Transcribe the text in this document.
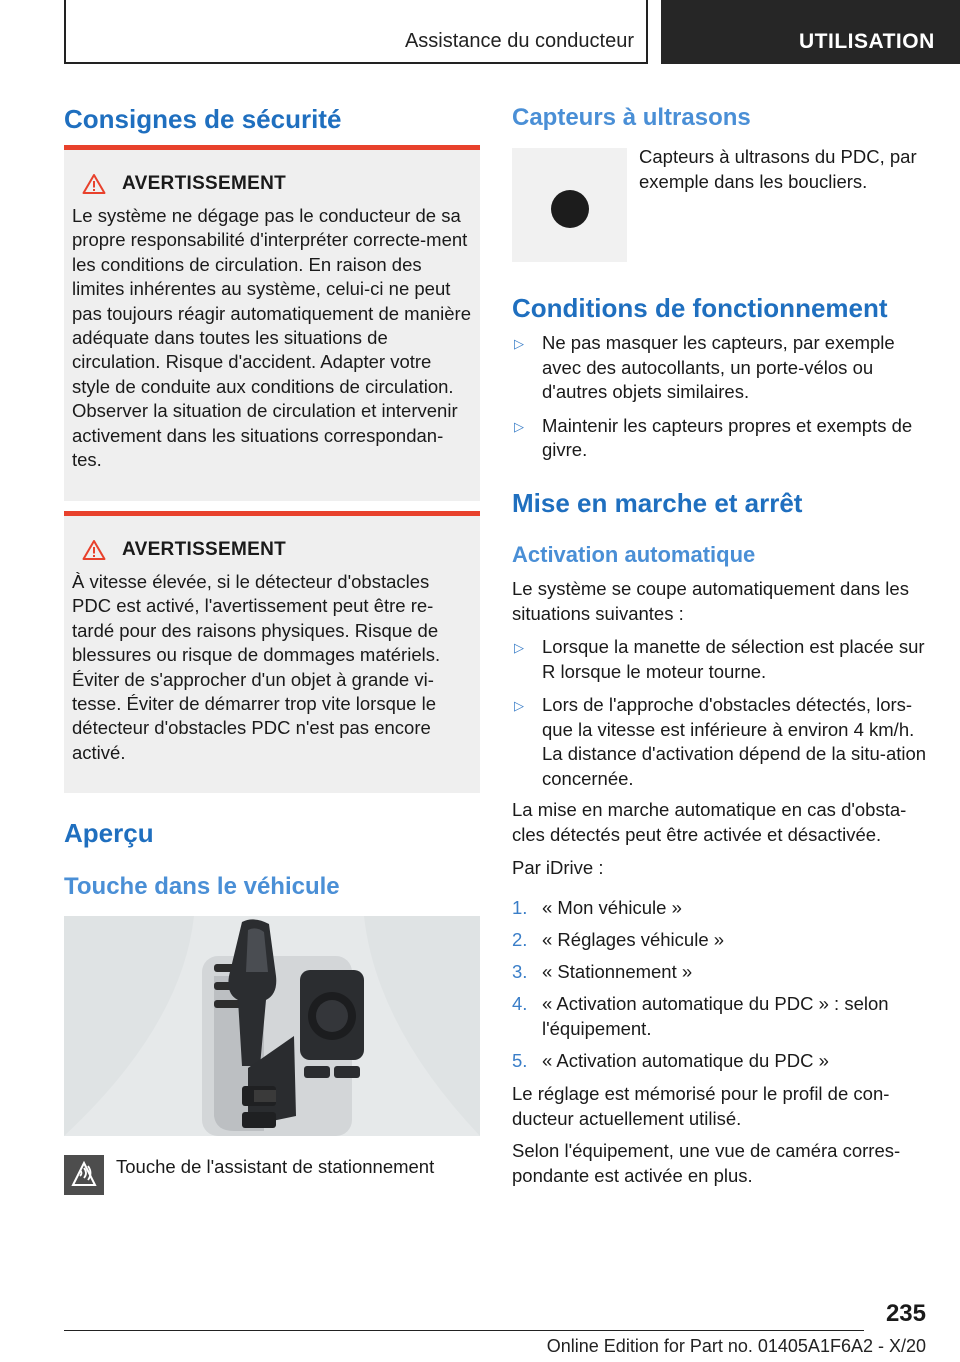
Assistance du conducteur	UTILISATION
Consignes de sécurité
AVERTISSEMENT
Le système ne dégage pas le conducteur de sa propre responsabilité d'interpréter correcte-ment les conditions de circulation. En raison des limites inhérentes au système, celui-ci ne peut pas toujours réagir automatiquement de manière adéquate dans toutes les situations de circulation. Risque d'accident. Adapter votre style de conduite aux conditions de circulation. Observer la situation de circulation et intervenir activement dans les situations correspondan-tes.
AVERTISSEMENT
À vitesse élevée, si le détecteur d'obstacles PDC est activé, l'avertissement peut être re-tardé pour des raisons physiques. Risque de blessures ou risque de dommages matériels. Éviter de s'approcher d'un objet à grande vi-tesse. Éviter de démarrer trop vite lorsque le détecteur d'obstacles PDC n'est pas encore activé.
Aperçu
Touche dans le véhicule
Touche de l'assistant de stationnement
Capteurs à ultrasons
Capteurs à ultrasons du PDC, par exemple dans les boucliers.
Conditions de fonctionnement
▷ Ne pas masquer les capteurs, par exemple avec des autocollants, un porte-vélos ou d'autres objets similaires.
▷ Maintenir les capteurs propres et exempts de givre.
Mise en marche et arrêt
Activation automatique
Le système se coupe automatiquement dans les situations suivantes :
▷ Lorsque la manette de sélection est placée sur R lorsque le moteur tourne.
▷ Lors de l'approche d'obstacles détectés, lors-que la vitesse est inférieure à environ 4 km/h. La distance d'activation dépend de la situ-ation concernée.
La mise en marche automatique en cas d'obsta-cles détectés peut être activée et désactivée.
Par iDrive :
1. « Mon véhicule »
2. « Réglages véhicule »
3. « Stationnement »
4. « Activation automatique du PDC » : selon l'équipement.
5. « Activation automatique du PDC »
Le réglage est mémorisé pour le profil de con-ducteur actuellement utilisé.
Selon l'équipement, une vue de caméra corres-pondante est activée en plus.
235
Online Edition for Part no. 01405A1F6A2 - X/20
